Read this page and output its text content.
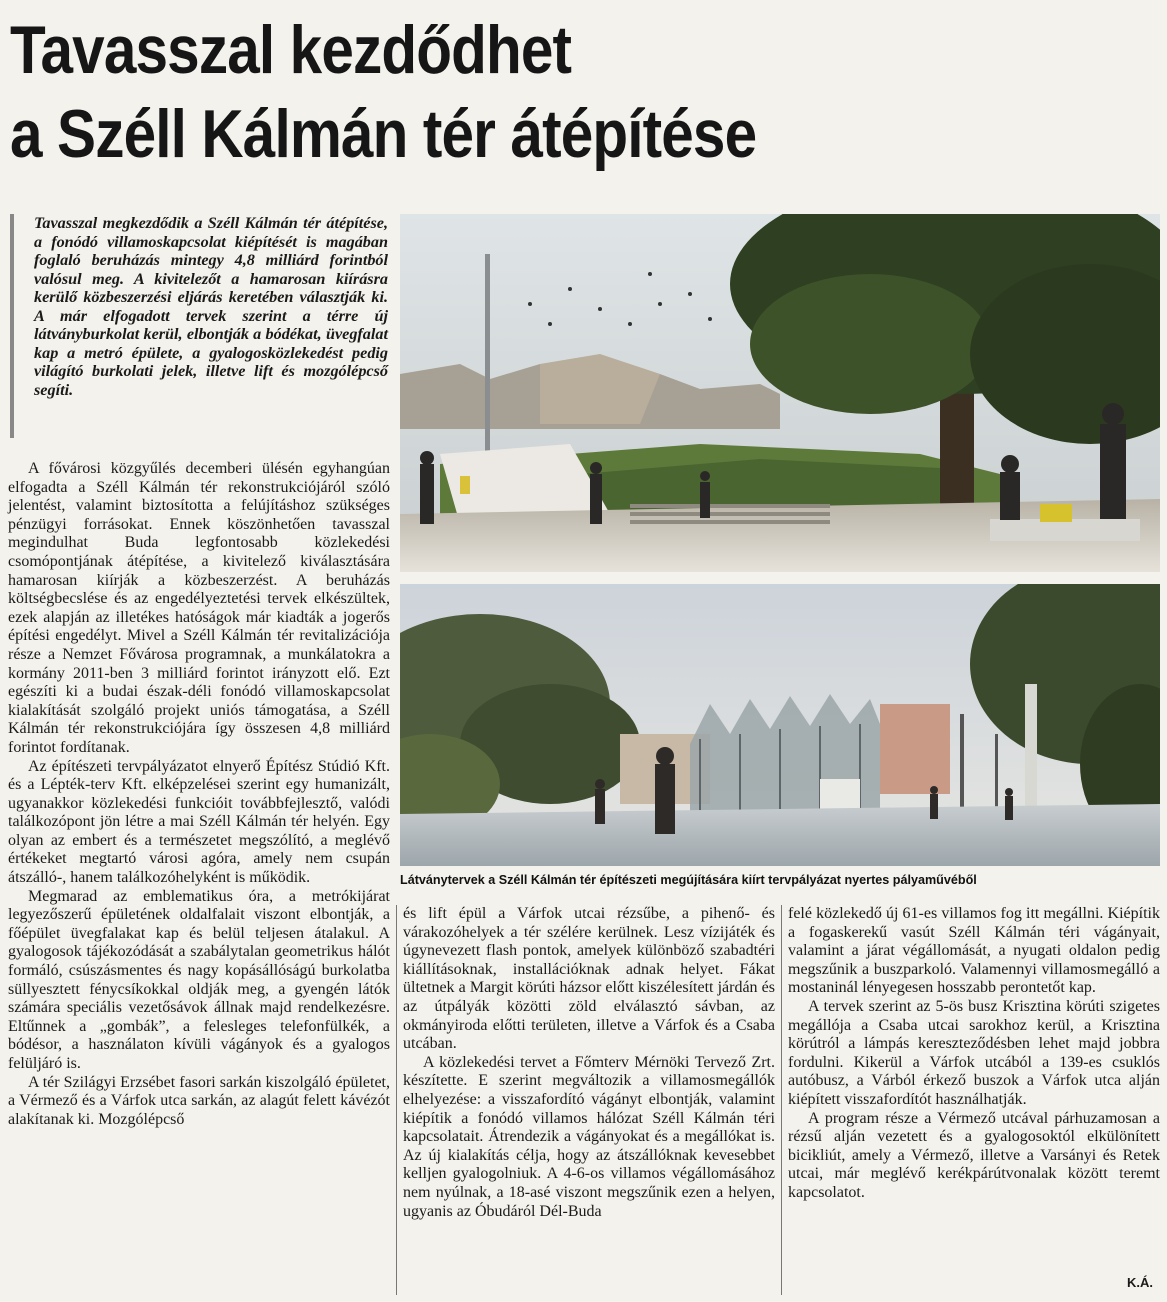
Tavasszal kezdődhet
a Széll Kálmán tér átépítése

Tavasszal megkezdődik a Széll Kálmán tér átépítése, a fonódó villamoskapcsolat kiépítését is magában foglaló beruházás mintegy 4,8 milliárd forintból valósul meg. A kivitelezőt a hamarosan kiírásra kerülő közbeszerzési eljárás keretében választják ki. A már elfogadott tervek szerint a térre új látványburkolat kerül, elbontják a bódékat, üvegfalat kap a metró épülete, a gyalogosközlekedést pedig világító burkolati jelek, illetve lift és mozgólépcső segíti.

A fővárosi közgyűlés decemberi ülésén egyhangúan elfogadta a Széll Kálmán tér rekonstrukciójáról szóló jelentést, valamint biztosította a felújításhoz szükséges pénzügyi forrásokat. Ennek köszönhetően tavasszal megindulhat Buda legfontosabb közlekedési csomópontjának átépítése, a kivitelező kiválasztására hamarosan kiírják a közbeszerzést. A beruházás költségbecslése és az engedélyeztetési tervek elkészültek, ezek alapján az illetékes hatóságok már kiadták a jogerős építési engedélyt. Mivel a Széll Kálmán tér revitalizációja része a Nemzet Fővárosa programnak, a munkálatokra a kormány 2011-ben 3 milliárd forintot irányzott elő. Ezt egészíti ki a budai észak-déli fonódó villamoskapcsolat kialakítását szolgáló projekt uniós támogatása, a Széll Kálmán tér rekonstrukciójára így összesen 4,8 milliárd forintot fordítanak.

Az építészeti tervpályázatot elnyerő Építész Stúdió Kft. és a Lépték-terv Kft. elképzelései szerint egy humanizált, ugyanakkor közlekedési funkcióit továbbfejlesztő, valódi találkozópont jön létre a mai Széll Kálmán tér helyén. Egy olyan az embert és a természetet megszólító, a meglévő értékeket megtartó városi agóra, amely nem csupán átszálló-, hanem találkozóhelyként is működik.

Megmarad az emblematikus óra, a metrókijárat legyezőszerű épületének oldalfalait viszont elbontják, a főépület üvegfalakat kap és belül teljesen átalakul. A gyalogosok tájékozódását a szabálytalan geometrikus hálót formáló, csúszásmentes és nagy kopásállóságú burkolatba süllyesztett fénycsíkokkal oldják meg, a gyengén látók számára speciális vezetősávok állnak majd rendelkezésre. Eltűnnek a „gombák”, a felesleges telefonfülkék, a bódésor, a használaton kívüli vágányok és a gyalogos felüljáró is.

A tér Szilágyi Erzsébet fasori sarkán kiszolgáló épületet, a Vérmező és a Várfok utca sarkán, az alagút felett kávézót alakítanak ki. Mozgólépcső

és lift épül a Várfok utcai rézsűbe, a pihenő- és várakozóhelyek a tér szélére kerülnek. Lesz vízijáték és úgynevezett flash pontok, amelyek különböző szabadtéri kiállításoknak, installációknak adnak helyet. Fákat ültetnek a Margit körúti házsor előtt kiszélesített járdán és az útpályák közötti zöld elválasztó sávban, az okmányiroda előtti területen, illetve a Várfok és a Csaba utcában.

A közlekedési tervet a Főmterv Mérnöki Tervező Zrt. készítette. E szerint megváltozik a villamosmegállók elhelyezése: a visszafordító vágányt elbontják, valamint kiépítik a fonódó villamos hálózat Széll Kálmán téri kapcsolatait. Átrendezik a vágányokat és a megállókat is. Az új kialakítás célja, hogy az átszállóknak kevesebbet kelljen gyalogolniuk. A 4-6-os villamos végállomásához nem nyúlnak, a 18-asé viszont megszűnik ezen a helyen, ugyanis az Óbudáról Dél-Buda

felé közlekedő új 61-es villamos fog itt megállni. Kiépítik a fogaskerekű vasút Széll Kálmán téri vágányait, valamint a járat végállomását, a nyugati oldalon pedig megszűnik a buszparkoló. Valamennyi villamosmegálló a mostaninál lényegesen hosszabb perontetőt kap.

A tervek szerint az 5-ös busz Krisztina körúti szigetes megállója a Csaba utcai sarokhoz kerül, a Krisztina körútról a lámpás kereszteződésben lehet majd jobbra fordulni. Kikerül a Várfok utcából a 139-es csuklós autóbusz, a Várból érkező buszok a Várfok utca alján kiépített visszafordítót használhatják.

A program része a Vérmező utcával párhuzamosan a rézsű alján vezetett és a gyalogosoktól elkülönített bicikliút, amely a Vérmező, illetve a Varsányi és Retek utcai, már meglévő kerékpárútvonalak között teremt kapcsolatot.

Látványtervek a Széll Kálmán tér építészeti megújítására kiírt tervpályázat nyertes pályaművéből
K.Á.
